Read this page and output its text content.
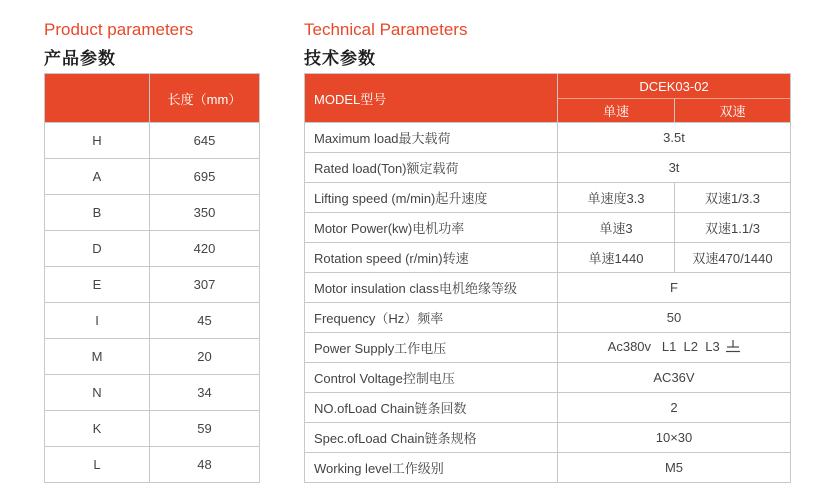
Product parameters
产品参数
Technical Parameters
技术参数
	长度（mm）
H	645
A	695
B	350
D	420
E	307
I	45
M	20
N	34
K	59
L	48
MODEL型号	DCEK03-02	
	单速	双速
Maximum load最大载荷	3.5t	
Rated load(Ton)额定载荷	3t	
Lifting speed (m/min)起升速度	单速度3.3	双速1/3.3
Motor Power(kw)电机功率	单速3	双速1.1/3
Rotation speed (r/min)转速	单速1440	双速470/1440
Motor insulation class电机绝缘等级	F	
Frequency（Hz）频率	50	
Power Supply工作电压	Ac380v   L1  L2  L3	
Control Voltage控制电压	AC36V	
NO.ofLoad Chain链条回数	2	
Spec.ofLoad Chain链条规格	10×30	
Working level工作级别	M5	
